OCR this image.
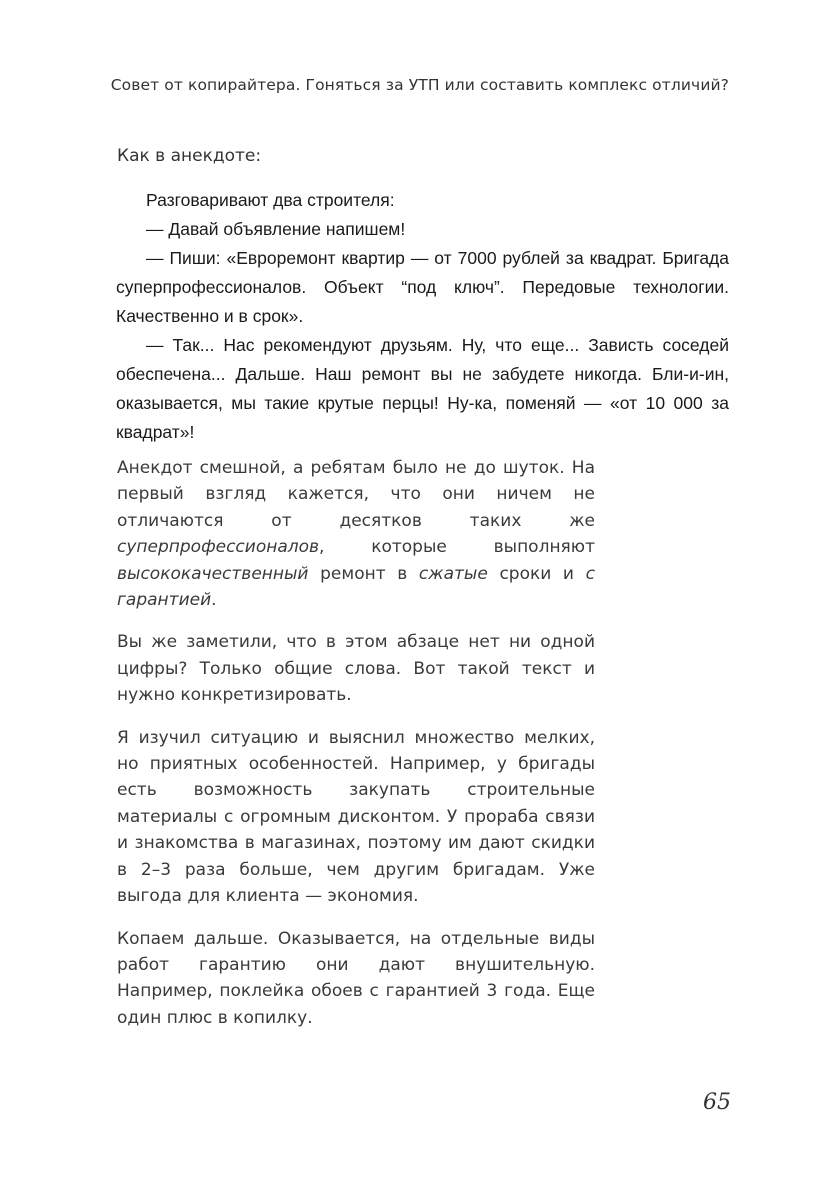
Совет от копирайтера. Гоняться за УТП или составить комплекс отличий?
Как в анекдоте:

Разговаривают два строителя:

— Давай объявление напишем!

— Пиши: «Евроремонт квартир — от 7000 рублей за квадрат. Бригада суперпрофессионалов. Объект “под ключ”. Передовые технологии. Качественно и в срок».

— Так... Нас рекомендуют друзьям. Ну, что еще... Зависть соседей обеспечена... Дальше. Наш ремонт вы не забудете никогда. Бли-и-ин, оказывается, мы такие крутые перцы! Ну-ка, поменяй — «от 10 000 за квадрат»!

Анекдот смешной, а ребятам было не до шуток. На первый взгляд кажется, что они ничем не отличаются от десятков таких же суперпрофессионалов, которые выполняют высококачественный ремонт в сжатые сроки и с гарантией.

Вы же заметили, что в этом абзаце нет ни одной цифры? Только общие слова. Вот такой текст и нужно конкретизировать.

Я изучил ситуацию и выяснил множество мелких, но приятных особенностей. Например, у бригады есть возможность закупать строительные материалы с огромным дисконтом. У прораба связи и знакомства в магазинах, поэтому им дают скидки в 2–3 раза больше, чем другим бригадам. Уже выгода для клиента — экономия.

Копаем дальше. Оказывается, на отдельные виды работ гарантию они дают внушительную. Например, поклейка обоев с гарантией 3 года. Еще один плюс в копилку.

65
